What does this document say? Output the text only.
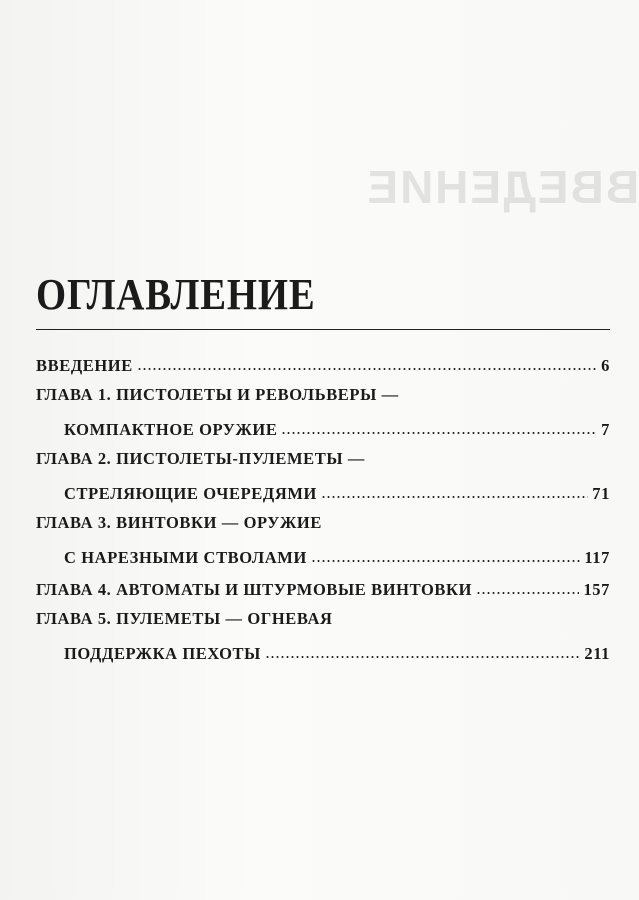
ВВЕДЕНИЕ
ОГЛАВЛЕНИЕ
ВВЕДЕНИЕ	6
ГЛАВА 1. ПИСТОЛЕТЫ И РЕВОЛЬВЕРЫ —
КОМПАКТНОЕ ОРУЖИЕ	7
ГЛАВА 2. ПИСТОЛЕТЫ-ПУЛЕМЕТЫ —
СТРЕЛЯЮЩИЕ ОЧЕРЕДЯМИ	71
ГЛАВА 3. ВИНТОВКИ — ОРУЖИЕ
С НАРЕЗНЫМИ СТВОЛАМИ	117
ГЛАВА 4. АВТОМАТЫ И ШТУРМОВЫЕ ВИНТОВКИ	157
ГЛАВА 5. ПУЛЕМЕТЫ — ОГНЕВАЯ
ПОДДЕРЖКА ПЕХОТЫ	211
